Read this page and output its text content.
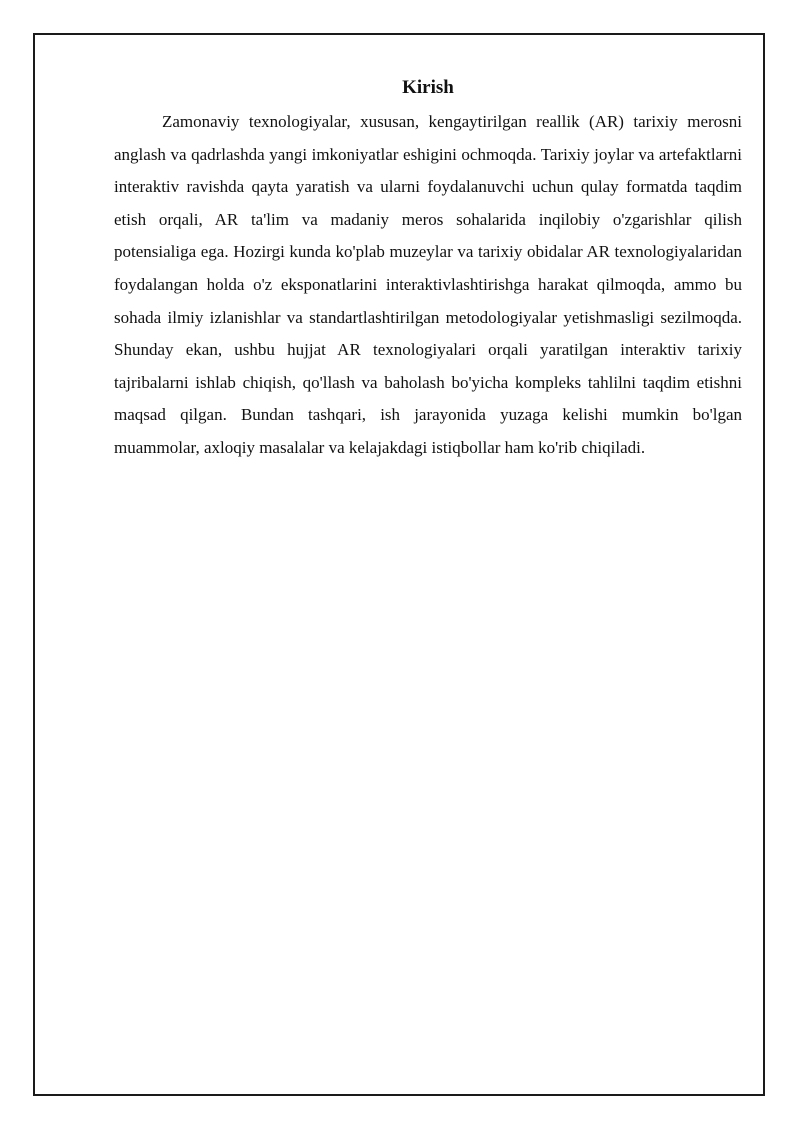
Kirish

Zamonaviy texnologiyalar, xususan, kengaytirilgan reallik (AR) tarixiy merosni anglash va qadrlashda yangi imkoniyatlar eshigini ochmoqda. Tarixiy joylar va artefaktlarni interaktiv ravishda qayta yaratish va ularni foydalanuvchi uchun qulay formatda taqdim etish orqali, AR ta'lim va madaniy meros sohalarida inqilobiy o'zgarishlar qilish potensialiga ega. Hozirgi kunda ko'plab muzeylar va tarixiy obidalar AR texnologiyalaridan foydalangan holda o'z eksponatlarini interaktivlashtirishga harakat qilmoqda, ammo bu sohada ilmiy izlanishlar va standartlashtirilgan metodologiyalar yetishmasligi sezilmoqda. Shunday ekan, ushbu hujjat AR texnologiyalari orqali yaratilgan interaktiv tarixiy tajribalarni ishlab chiqish, qo'llash va baholash bo'yicha kompleks tahlilni taqdim etishni maqsad qilgan. Bundan tashqari, ish jarayonida yuzaga kelishi mumkin bo'lgan muammolar, axloqiy masalalar va kelajakdagi istiqbollar ham ko'rib chiqiladi.
